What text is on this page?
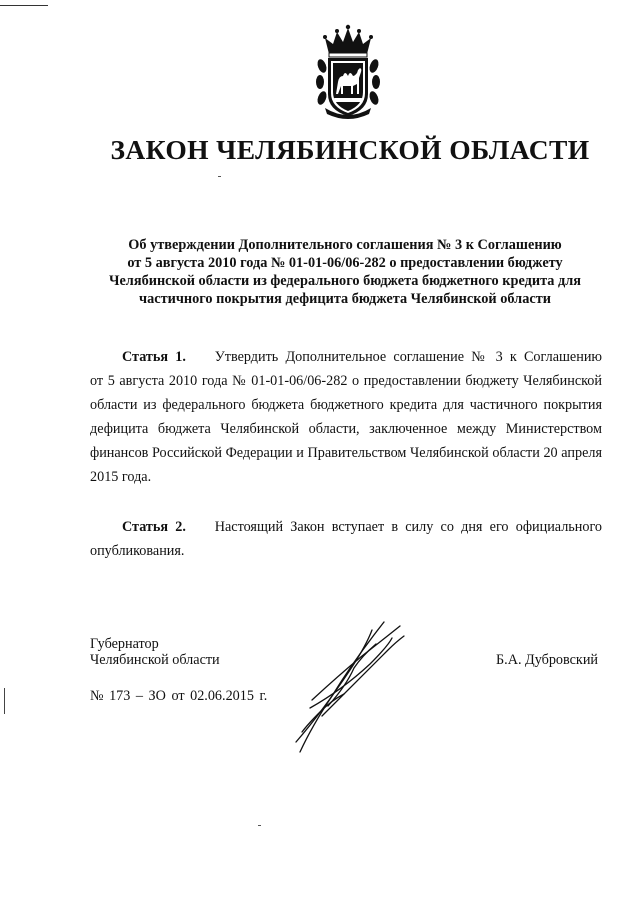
ЗАКОН ЧЕЛЯБИНСКОЙ ОБЛАСТИ
Об утверждении Дополнительного соглашения № 3 к Соглашению
от 5 августа 2010 года № 01-01-06/06-282 о предоставлении бюджету
Челябинской области из федерального бюджета бюджетного кредита для
частичного покрытия дефицита бюджета Челябинской области
Статья 1. Утвердить Дополнительное соглашение № 3 к Соглашению
от 5 августа 2010 года № 01-01-06/06-282 о предоставлении бюджету Челябинской
области из федерального бюджета бюджетного кредита для частичного покрытия
дефицита бюджета Челябинской области, заключенное между Министерством
финансов Российской Федерации и Правительством Челябинской области 20 апреля
2015 года.
Статья 2. Настоящий Закон вступает в силу со дня его официального
опубликования.
Губернатор
Челябинской области	Б.А. Дубровский
№ 173 – ЗО от 02.06.2015 г.
